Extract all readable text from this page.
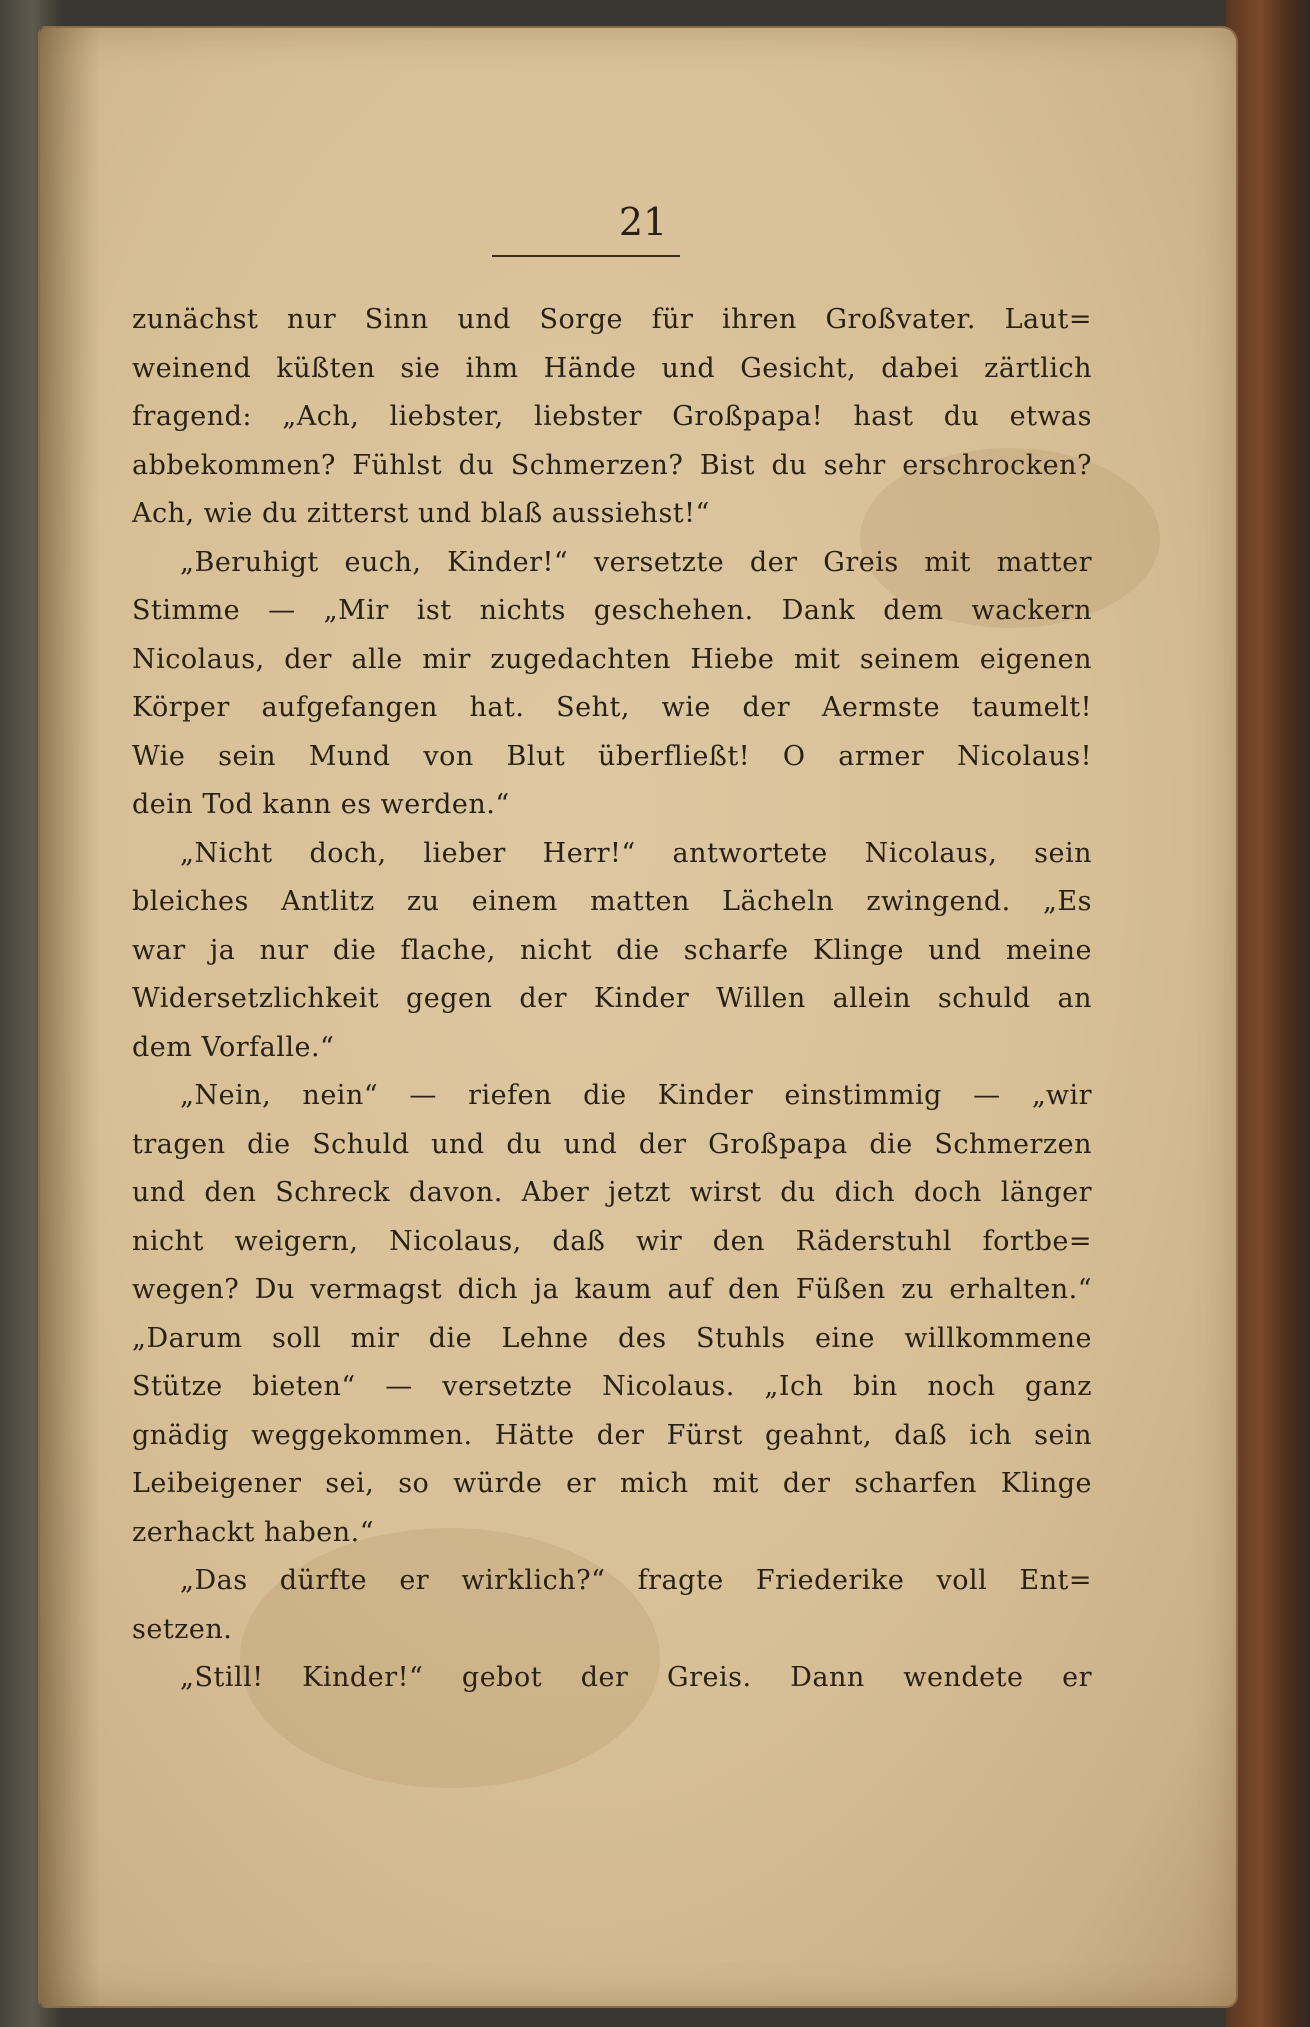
21
zunächst nur Sinn und Sorge für ihren Großvater. Laut=
weinend küßten sie ihm Hände und Gesicht, dabei zärtlich
fragend: „Ach, liebster, liebster Großpapa! hast du etwas
abbekommen? Fühlst du Schmerzen? Bist du sehr erschrocken?
Ach, wie du zitterst und blaß aussiehst!“
„Beruhigt euch, Kinder!“ versetzte der Greis mit matter
Stimme — „Mir ist nichts geschehen. Dank dem wackern
Nicolaus, der alle mir zugedachten Hiebe mit seinem eigenen
Körper aufgefangen hat. Seht, wie der Aermste taumelt!
Wie sein Mund von Blut überfließt! O armer Nicolaus!
dein Tod kann es werden.“
„Nicht doch, lieber Herr!“ antwortete Nicolaus, sein
bleiches Antlitz zu einem matten Lächeln zwingend. „Es
war ja nur die flache, nicht die scharfe Klinge und meine
Widersetzlichkeit gegen der Kinder Willen allein schuld an
dem Vorfalle.“
„Nein, nein“ — riefen die Kinder einstimmig — „wir
tragen die Schuld und du und der Großpapa die Schmerzen
und den Schreck davon. Aber jetzt wirst du dich doch länger
nicht weigern, Nicolaus, daß wir den Räderstuhl fortbe=
wegen? Du vermagst dich ja kaum auf den Füßen zu erhalten.“
„Darum soll mir die Lehne des Stuhls eine willkommene
Stütze bieten“ — versetzte Nicolaus. „Ich bin noch ganz
gnädig weggekommen. Hätte der Fürst geahnt, daß ich sein
Leibeigener sei, so würde er mich mit der scharfen Klinge
zerhackt haben.“
„Das dürfte er wirklich?“ fragte Friederike voll Ent=
setzen.
„Still! Kinder!“ gebot der Greis. Dann wendete er
